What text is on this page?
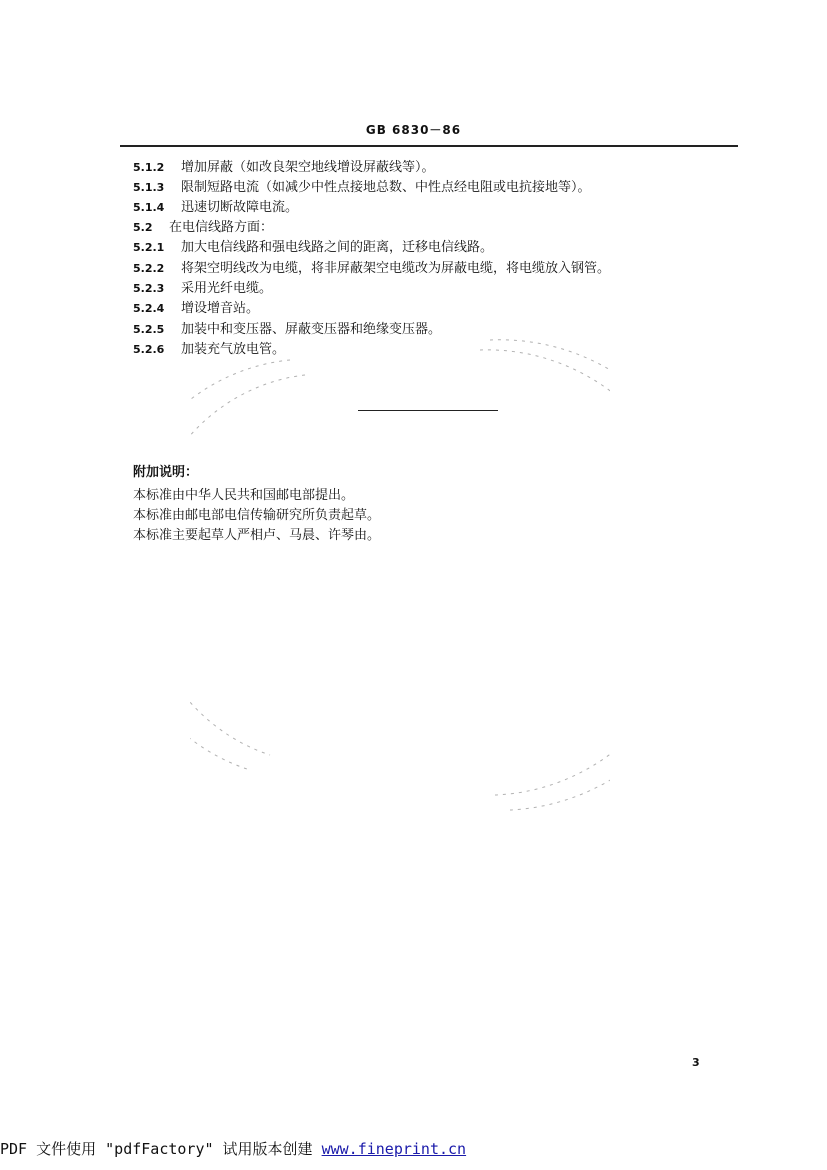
GB 6830－86
5.1.2 增加屏蔽（如改良架空地线增设屏蔽线等）。
5.1.3 限制短路电流（如减少中性点接地总数、中性点经电阻或电抗接地等）。
5.1.4 迅速切断故障电流。
5.2 在电信线路方面：
5.2.1 加大电信线路和强电线路之间的距离，迁移电信线路。
5.2.2 将架空明线改为电缆，将非屏蔽架空电缆改为屏蔽电缆，将电缆放入钢管。
5.2.3 采用光纤电缆。
5.2.4 增设增音站。
5.2.5 加装中和变压器、屏蔽变压器和绝缘变压器。
5.2.6 加装充气放电管。
附加说明：
本标准由中华人民共和国邮电部提出。
本标准由邮电部电信传输研究所负责起草。
本标准主要起草人严相卢、马晨、许琴由。
3
PDF 文件使用 "pdfFactory" 试用版本创建 www.fineprint.cn
